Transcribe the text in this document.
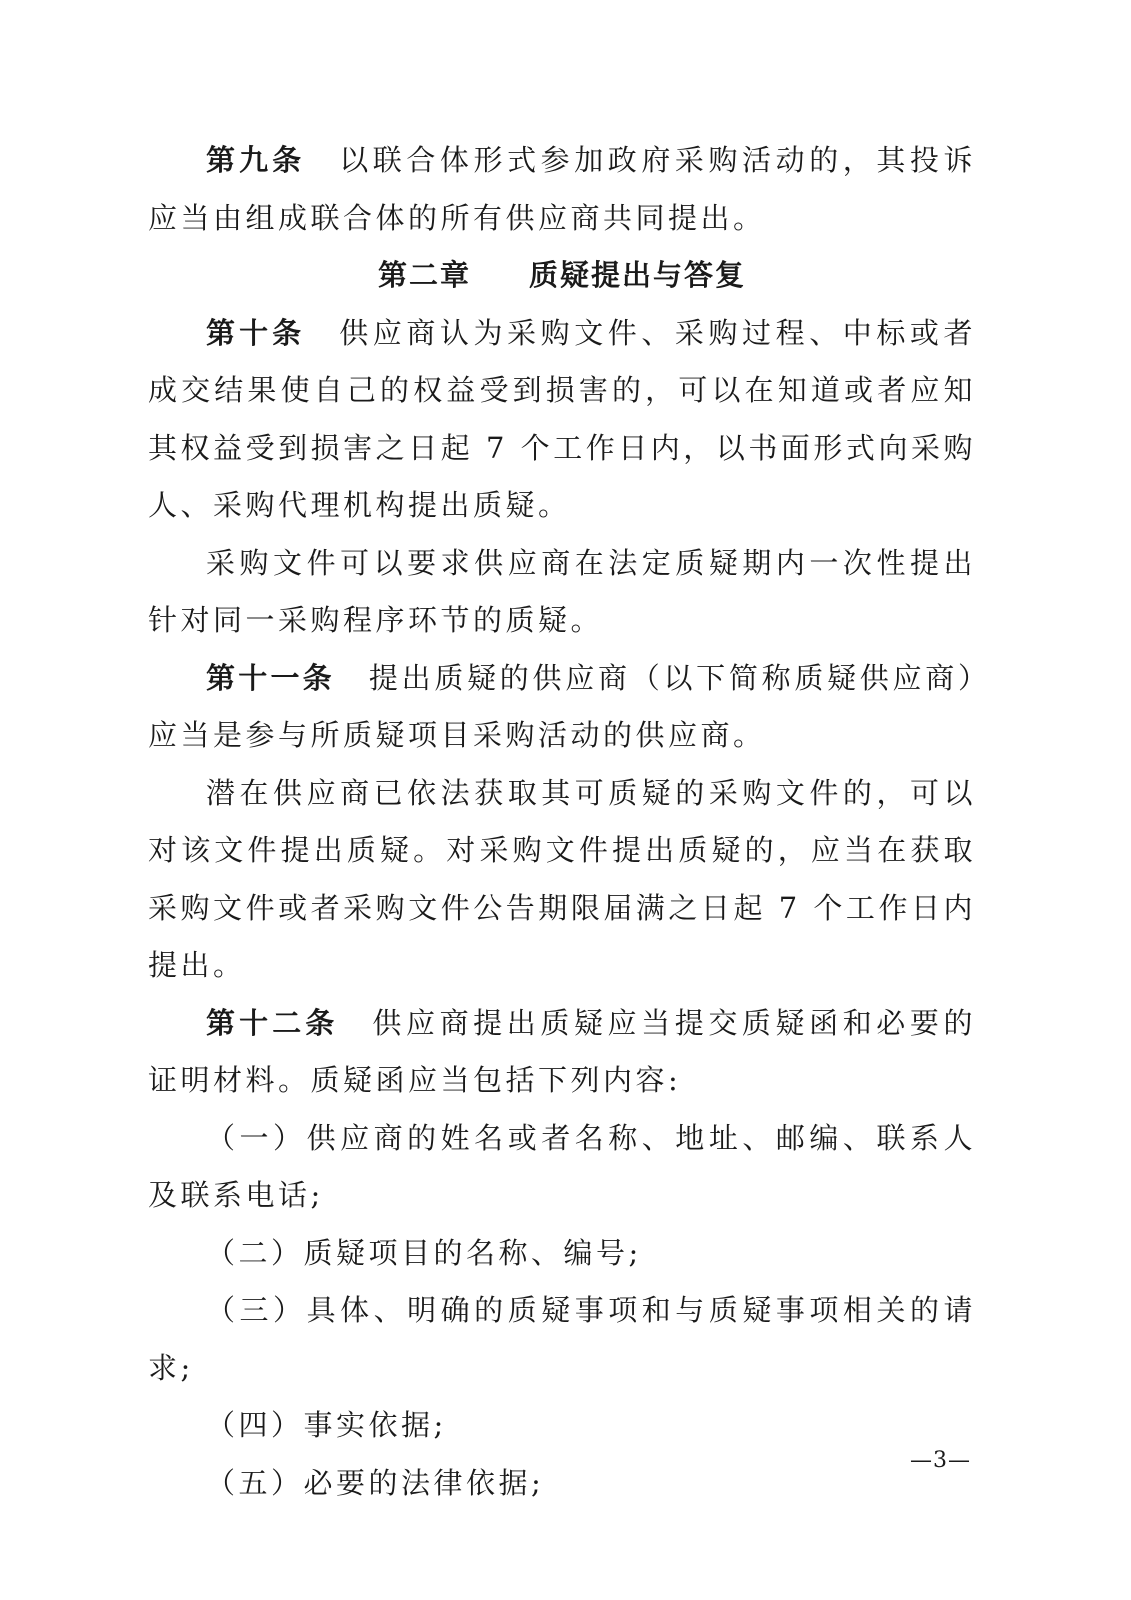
第九条 以联合体形式参加政府采购活动的，其投诉应当由组成联合体的所有供应商共同提出。

第二章 质疑提出与答复

第十条 供应商认为采购文件、采购过程、中标或者成交结果使自己的权益受到损害的，可以在知道或者应知其权益受到损害之日起 7 个工作日内，以书面形式向采购人、采购代理机构提出质疑。

采购文件可以要求供应商在法定质疑期内一次性提出针对同一采购程序环节的质疑。

第十一条 提出质疑的供应商（以下简称质疑供应商）应当是参与所质疑项目采购活动的供应商。

潜在供应商已依法获取其可质疑的采购文件的，可以对该文件提出质疑。对采购文件提出质疑的，应当在获取采购文件或者采购文件公告期限届满之日起 7 个工作日内提出。

第十二条 供应商提出质疑应当提交质疑函和必要的证明材料。质疑函应当包括下列内容:

（一）供应商的姓名或者名称、地址、邮编、联系人及联系电话;

（二）质疑项目的名称、编号;

（三）具体、明确的质疑事项和与质疑事项相关的请求;

（四）事实依据;

（五）必要的法律依据;

—3—
